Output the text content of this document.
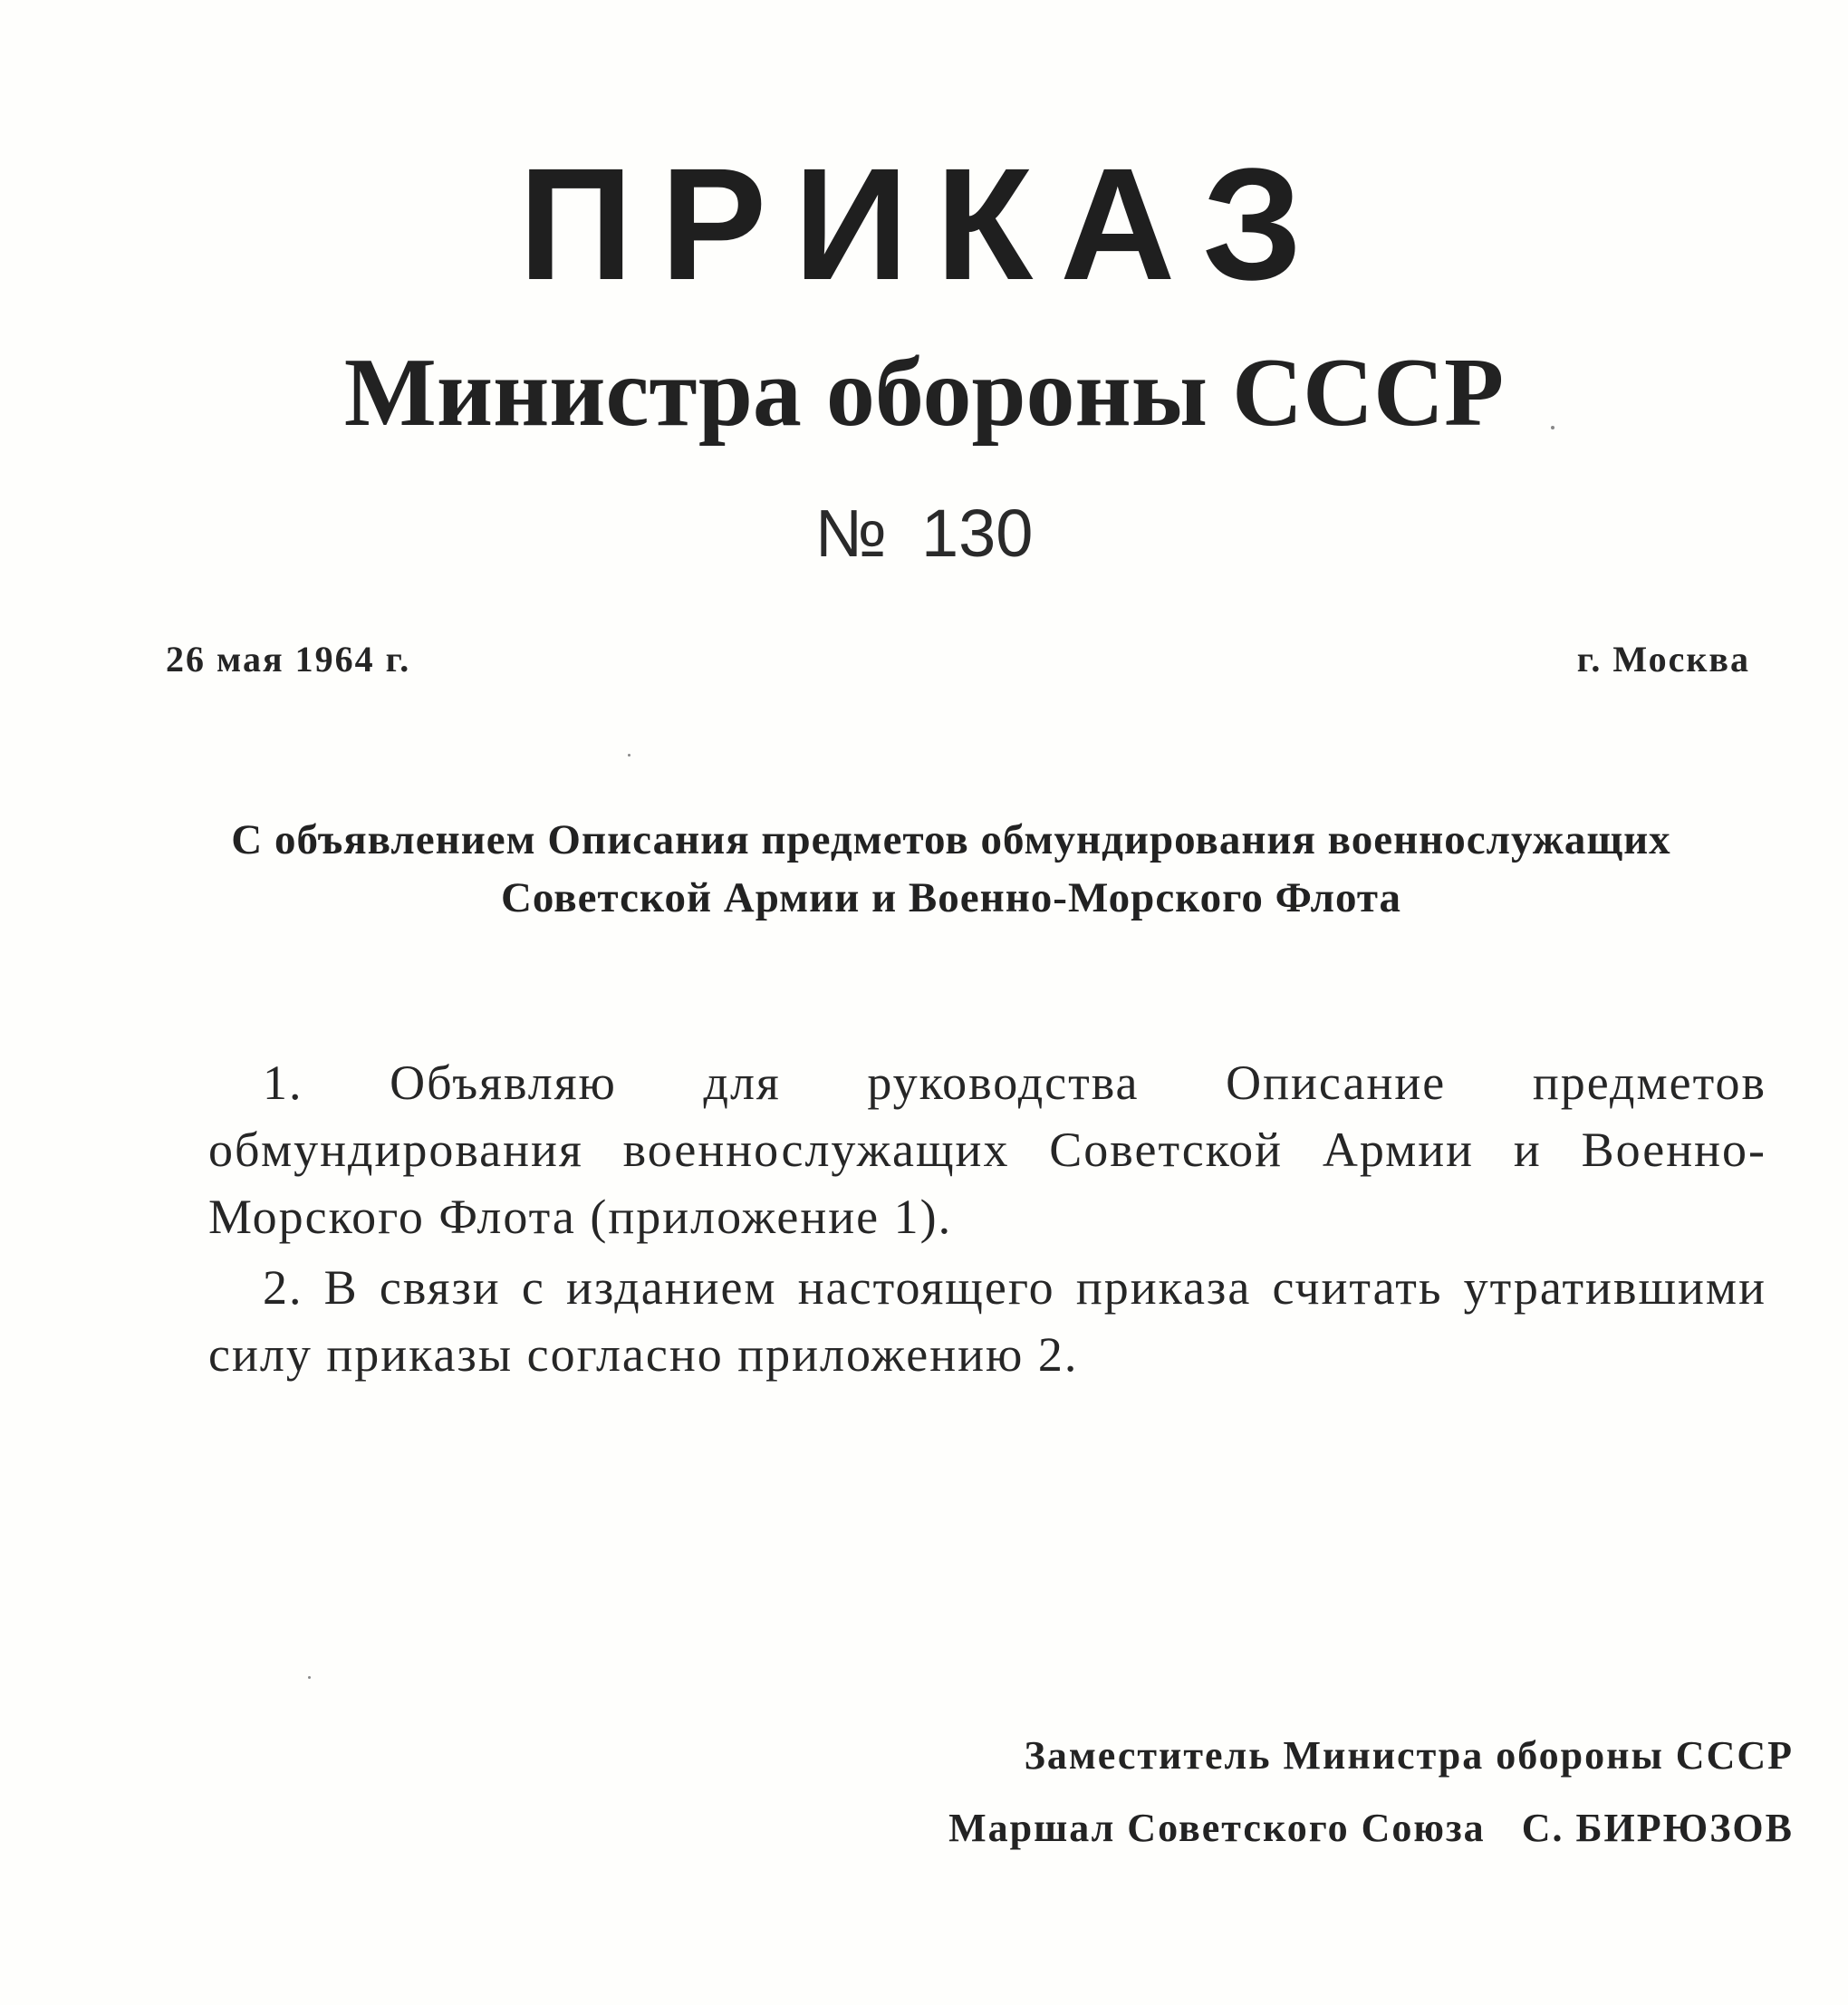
ПРИКАЗ
Министра обороны СССР
№ 130
26 мая 1964 г.	г. Москва
С объявлением Описания предметов обмундирования военнослужащих Советской Армии и Военно-Морского Флота

1. Объявляю для руководства Описание предметов обмундирования военнослужащих Советской Армии и Военно-Морского Флота (приложение 1).

2. В связи с изданием настоящего приказа считать утратившими силу приказы согласно приложению 2.

Заместитель Министра обороны СССР
Маршал Советского Союза С. БИРЮЗОВ
